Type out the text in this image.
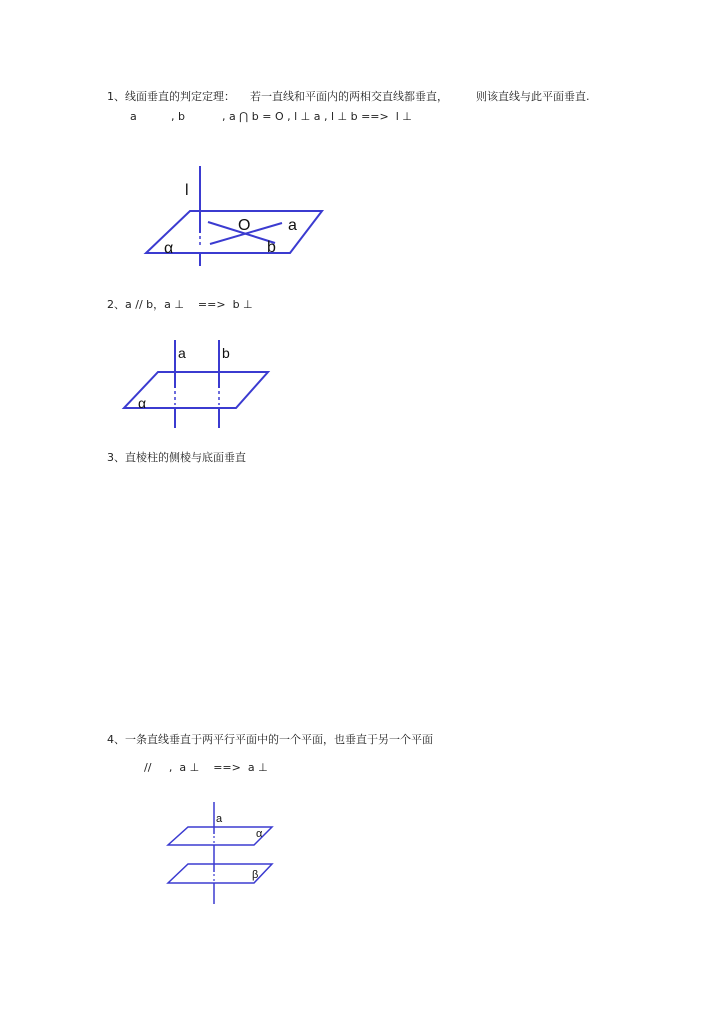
1、线面垂直的判定定理： 若一直线和平面内的两相交直线都垂直，	则该直线与此平面垂直.
a	, b	, a ⋂ b = O , l ⊥ a , l ⊥ b ==>  l ⊥
l
O a
b
α
2、a // b，a ⊥    ==>  b ⊥
a	b
α
3、直棱柱的侧棱与底面垂直
4、一条直线垂直于两平行平面中的一个平面，也垂直于另一个平面
//     ,  a ⊥    ==>  a ⊥
a
α
β
